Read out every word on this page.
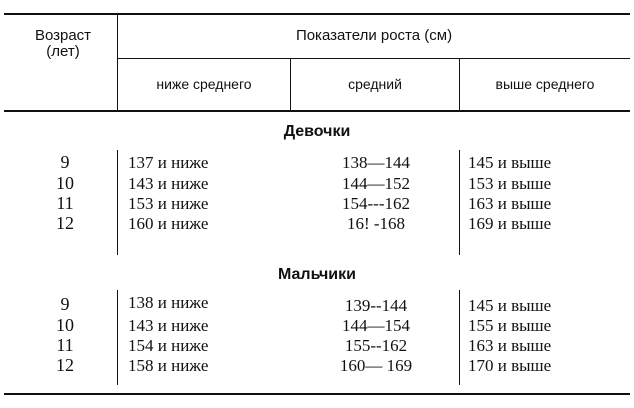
Возраст
(лет)
Показатели роста (см)
ниже среднего	средний	выше среднего
Девочки
9	137 и ниже	138—144	145 и выше
10	143 и ниже	144—152	153 и выше
11	153 и ниже	154---162	163 и выше
12	160 и ниже	16! -168	169 и выше
Мальчики
9	138 и ниже	139--144	145 и выше
10	143 и ниже	144—154	155 и выше
11	154 и ниже	155--162	163 и выше
12	158 и ниже	160— 169	170 и выше
